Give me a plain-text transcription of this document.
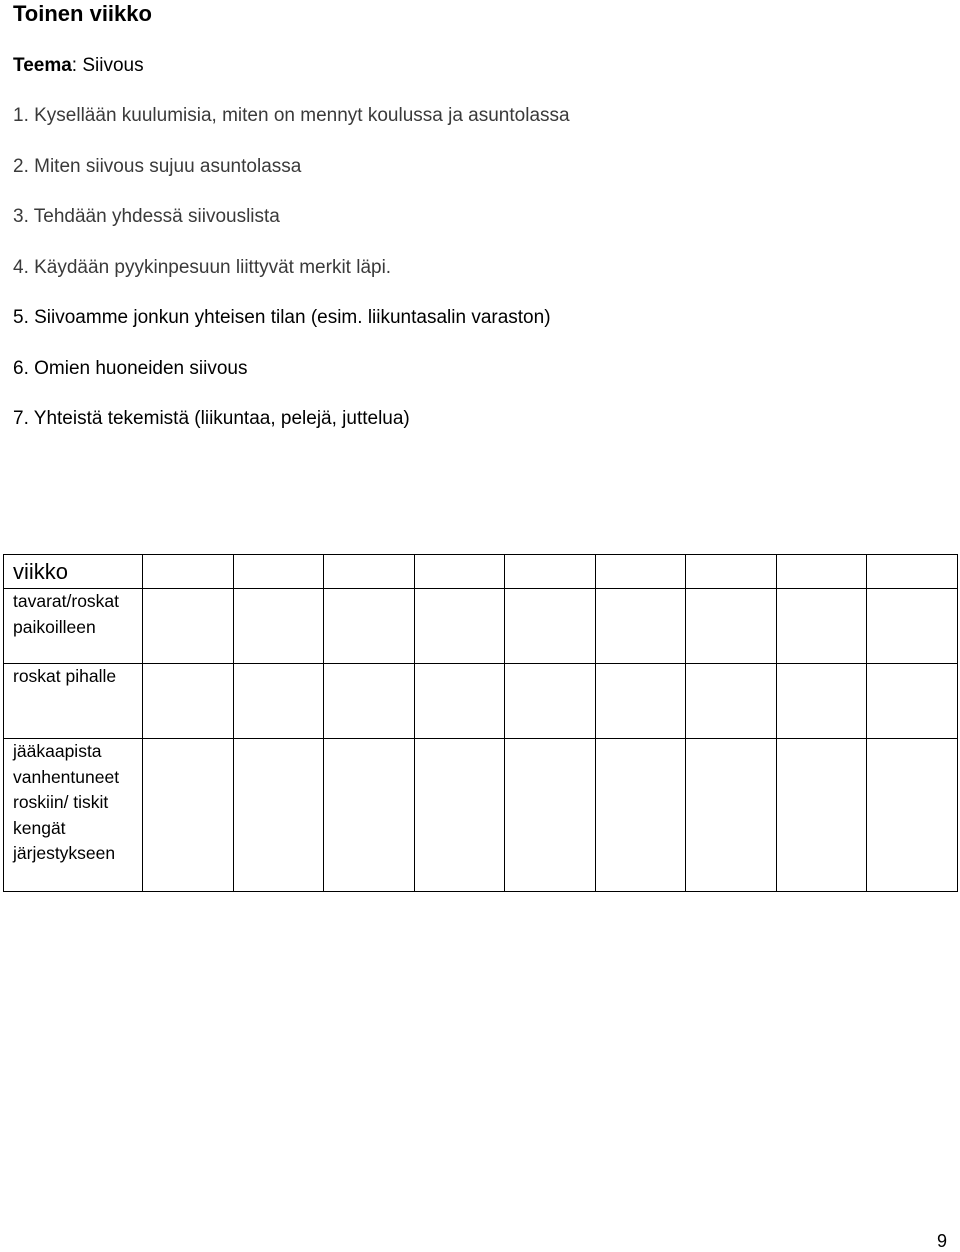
Toinen viikko
Teema: Siivous
1. Kysellään kuulumisia, miten on mennyt koulussa ja asuntolassa
2. Miten siivous sujuu asuntolassa
3. Tehdään yhdessä siivouslista
4. Käydään pyykinpesuun liittyvät merkit läpi.
5. Siivoamme jonkun yhteisen tilan (esim. liikuntasalin varaston)
6. Omien huoneiden siivous
7. Yhteistä tekemistä (liikuntaa, pelejä, juttelua)
viikko									

tavarat/roskat
paikoilleen									

roskat pihalle									

jääkaapista
vanhentuneet
roskiin/ tiskit
kengät
järjestykseen									

9
